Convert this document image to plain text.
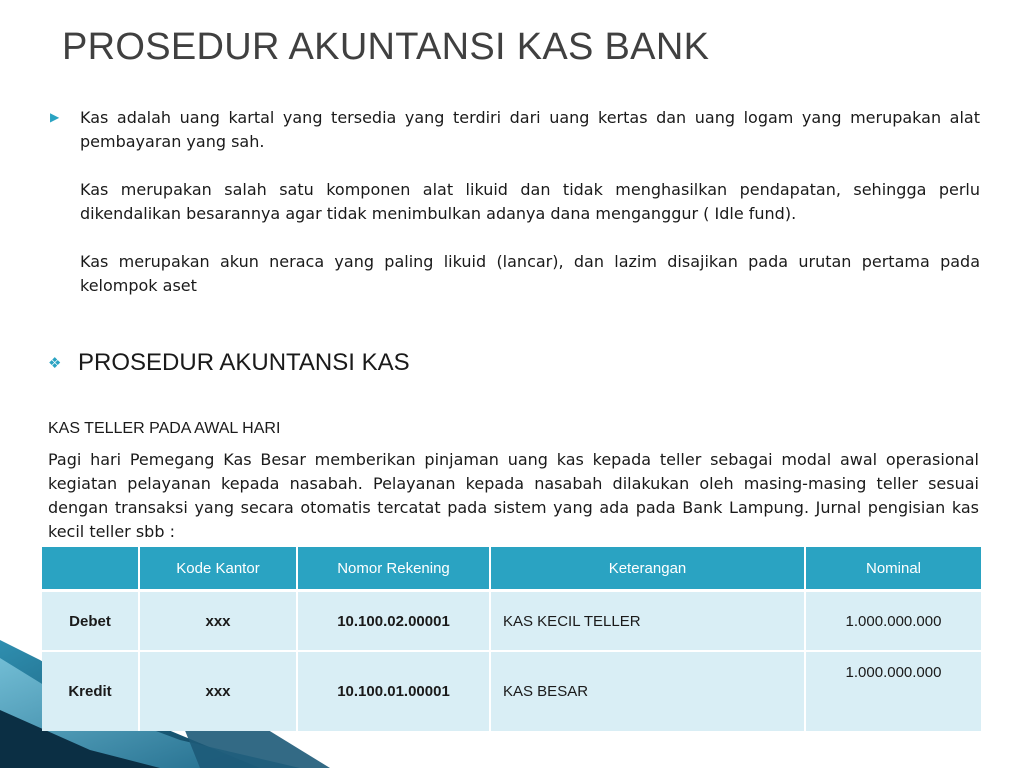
PROSEDUR AKUNTANSI KAS BANK
▶	Kas adalah uang kartal yang tersedia yang terdiri dari uang kertas dan uang logam yang merupakan alat pembayaran yang sah.

Kas merupakan salah satu komponen alat likuid dan tidak menghasilkan pendapatan, sehingga perlu dikendalikan besarannya agar tidak menimbulkan adanya dana menganggur ( Idle fund).

Kas merupakan akun neraca yang paling likuid (lancar), dan lazim disajikan pada urutan pertama pada kelompok aset

❖ PROSEDUR AKUNTANSI KAS
KAS TELLER PADA AWAL HARI

Pagi hari Pemegang Kas Besar memberikan pinjaman uang kas kepada teller sebagai modal awal operasional kegiatan pelayanan kepada nasabah. Pelayanan kepada nasabah dilakukan oleh masing-masing teller sesuai dengan transaksi yang secara otomatis tercatat pada sistem yang ada pada Bank Lampung. Jurnal pengisian kas kecil teller sbb :

	Kode Kantor	Nomor Rekening	Keterangan	Nominal
Debet	xxx	10.100.02.00001	KAS KECIL TELLER	1.000.000.000
Kredit	xxx	10.100.01.00001	KAS BESAR	1.000.000.000
